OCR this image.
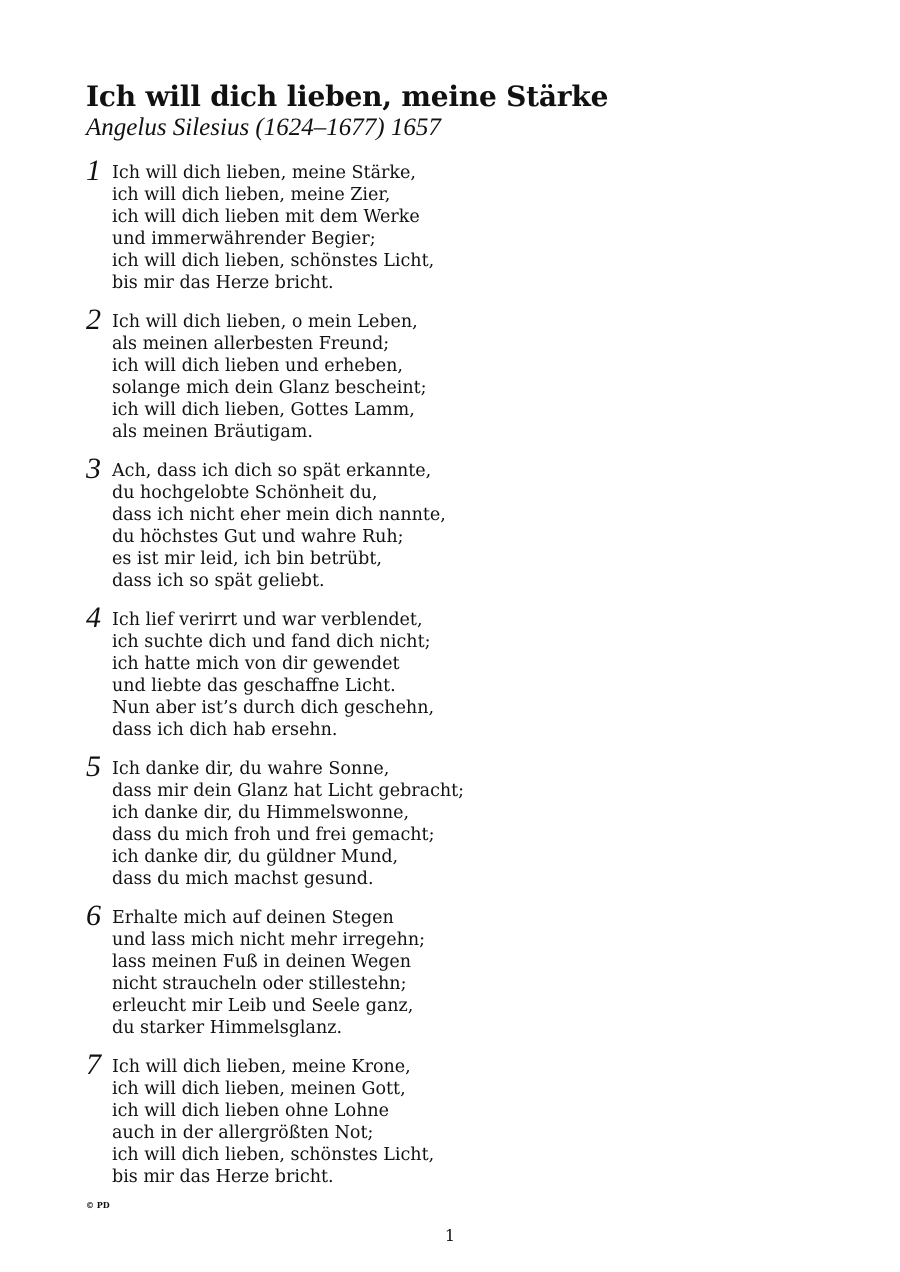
Ich will dich lieben, meine Stärke

Angelus Silesius (1624–1677) 1657

1 Ich will dich lieben, meine Stärke,
ich will dich lieben, meine Zier,
ich will dich lieben mit dem Werke
und immerwährender Begier;
ich will dich lieben, schönstes Licht,
bis mir das Herze bricht.
2 Ich will dich lieben, o mein Leben,
als meinen allerbesten Freund;
ich will dich lieben und erheben,
solange mich dein Glanz bescheint;
ich will dich lieben, Gottes Lamm,
als meinen Bräutigam.
3 Ach, dass ich dich so spät erkannte,
du hochgelobte Schönheit du,
dass ich nicht eher mein dich nannte,
du höchstes Gut und wahre Ruh;
es ist mir leid, ich bin betrübt,
dass ich so spät geliebt.
4 Ich lief verirrt und war verblendet,
ich suchte dich und fand dich nicht;
ich hatte mich von dir gewendet
und liebte das geschaffne Licht.
Nun aber ist’s durch dich geschehn,
dass ich dich hab ersehn.
5 Ich danke dir, du wahre Sonne,
dass mir dein Glanz hat Licht gebracht;
ich danke dir, du Himmelswonne,
dass du mich froh und frei gemacht;
ich danke dir, du güldner Mund,
dass du mich machst gesund.
6 Erhalte mich auf deinen Stegen
und lass mich nicht mehr irregehn;
lass meinen Fuß in deinen Wegen
nicht straucheln oder stillestehn;
erleucht mir Leib und Seele ganz,
du starker Himmelsglanz.
7 Ich will dich lieben, meine Krone,
ich will dich lieben, meinen Gott,
ich will dich lieben ohne Lohne
auch in der allergrößten Not;
ich will dich lieben, schönstes Licht,
bis mir das Herze bricht.
© PD
1
